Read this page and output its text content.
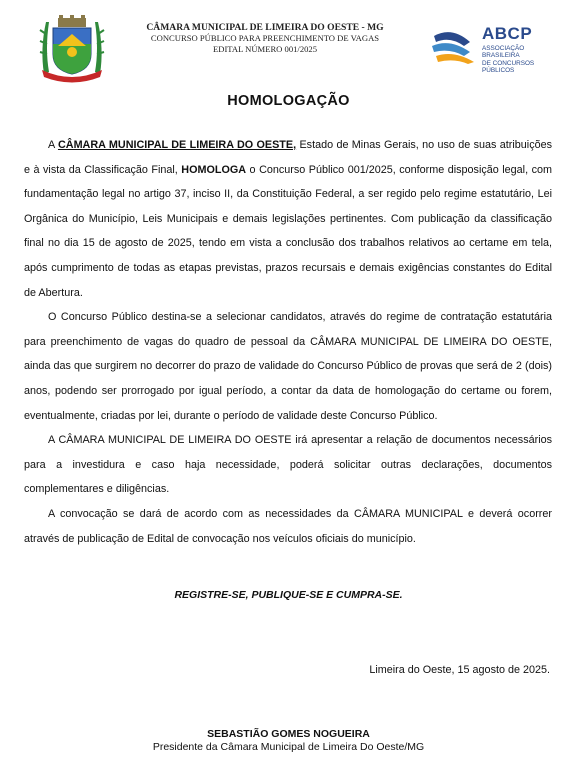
CÂMARA MUNICIPAL DE LIMEIRA DO OESTE - MG
CONCURSO PÚBLICO PARA PREENCHIMENTO DE VAGAS
EDITAL NÚMERO 001/2025
ABCP
ASSOCIAÇÃO BRASILEIRA
DE CONCURSOS PÚBLICOS
HOMOLOGAÇÃO

A CÂMARA MUNICIPAL DE LIMEIRA DO OESTE, Estado de Minas Gerais, no uso de suas atribuições e à vista da Classificação Final, HOMOLOGA o Concurso Público 001/2025, conforme disposição legal, com fundamentação legal no artigo 37, inciso II, da Constituição Federal, a ser regido pelo regime estatutário, Lei Orgânica do Município, Leis Municipais e demais legislações pertinentes. Com publicação da classificação final no dia 15 de agosto de 2025, tendo em vista a conclusão dos trabalhos relativos ao certame em tela, após cumprimento de todas as etapas previstas, prazos recursais e demais exigências constantes do Edital de Abertura.

O Concurso Público destina-se a selecionar candidatos, através do regime de contratação estatutária para preenchimento de vagas do quadro de pessoal da CÂMARA MUNICIPAL DE LIMEIRA DO OESTE, ainda das que surgirem no decorrer do prazo de validade do Concurso Público de provas que será de 2 (dois) anos, podendo ser prorrogado por igual período, a contar da data de homologação do certame ou forem, eventualmente, criadas por lei, durante o período de validade deste Concurso Público.

A CÂMARA MUNICIPAL DE LIMEIRA DO OESTE irá apresentar a relação de documentos necessários para a investidura e caso haja necessidade, poderá solicitar outras declarações, documentos complementares e diligências.

A convocação se dará de acordo com as necessidades da CÂMARA MUNICIPAL e deverá ocorrer através de publicação de Edital de convocação nos veículos oficiais do município.

REGISTRE-SE, PUBLIQUE-SE E CUMPRA-SE.
Limeira do Oeste, 15 agosto de 2025.
SEBASTIÃO GOMES NOGUEIRA
Presidente da Câmara Municipal de Limeira Do Oeste/MG
